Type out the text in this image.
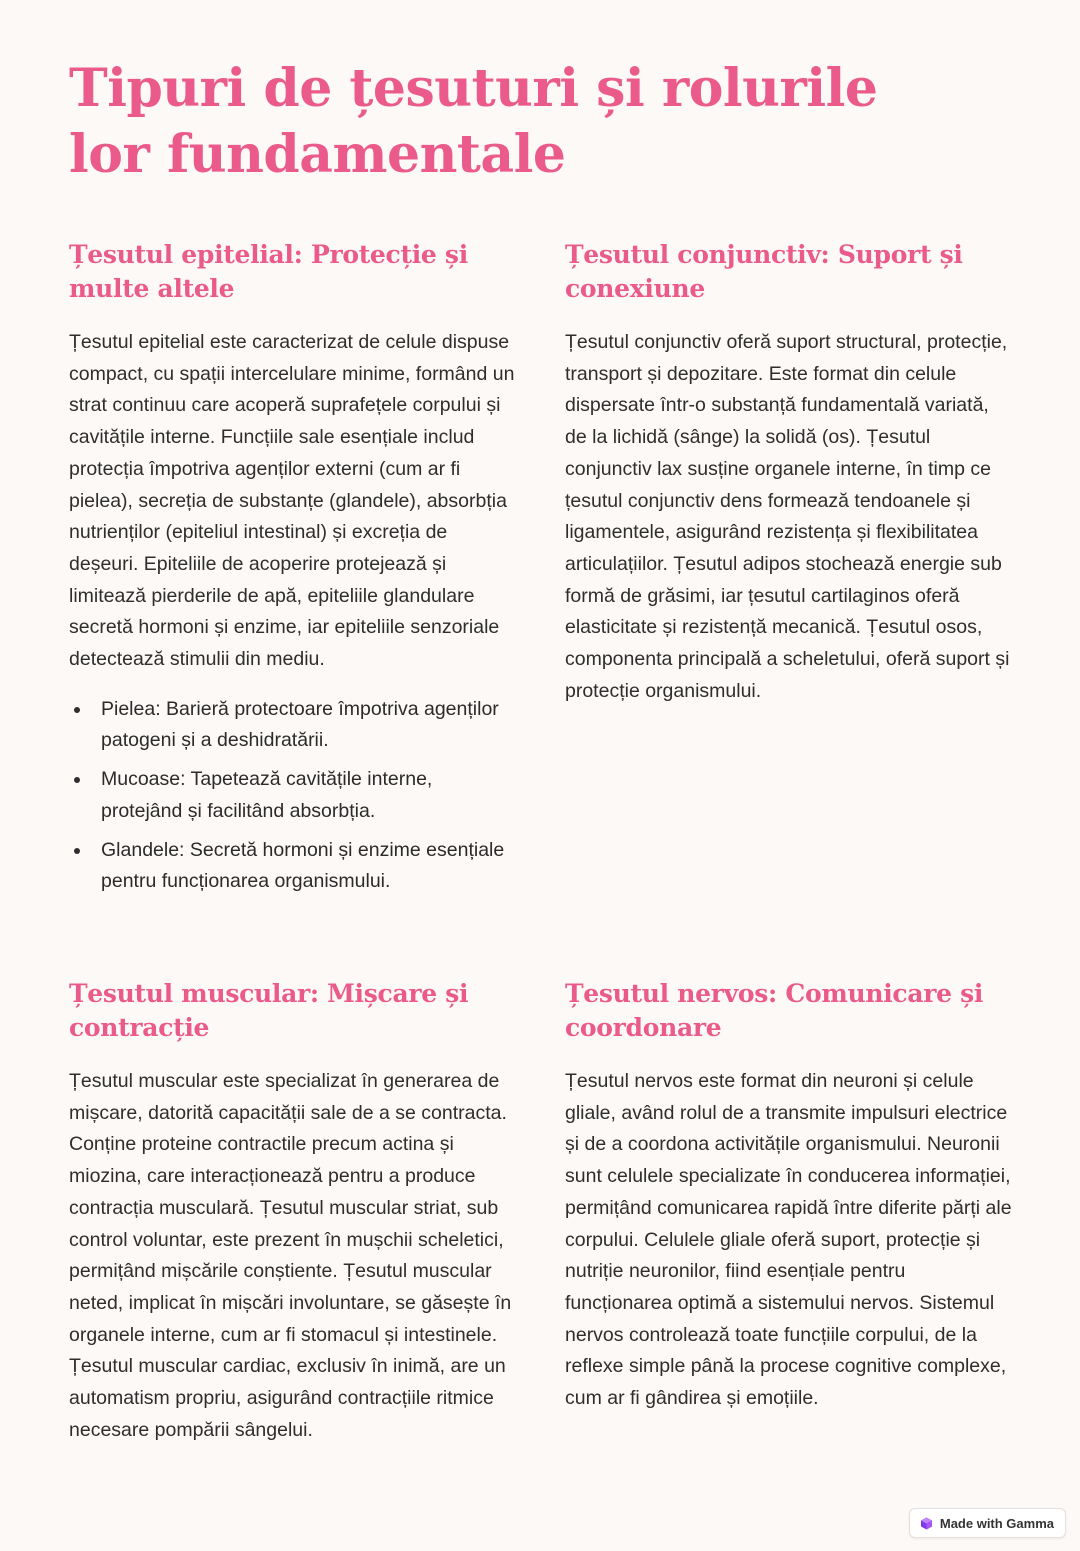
Tipuri de țesuturi și rolurile lor fundamentale
Țesutul epitelial: Protecție și multe altele

Țesutul epitelial este caracterizat de celule dispuse compact, cu spații intercelulare minime, formând un strat continuu care acoperă suprafețele corpului și cavitățile interne. Funcțiile sale esențiale includ protecția împotriva agenților externi (cum ar fi pielea), secreția de substanțe (glandele), absorbția nutrienților (epiteliul intestinal) și excreția de deșeuri. Epiteliile de acoperire protejează și limitează pierderile de apă, epiteliile glandulare secretă hormoni și enzime, iar epiteliile senzoriale detectează stimulii din mediu.

Pielea: Barieră protectoare împotriva agenților patogeni și a deshidratării.
Mucoase: Tapetează cavitățile interne, protejând și facilitând absorbția.
Glandele: Secretă hormoni și enzime esențiale pentru funcționarea organismului.
Țesutul conjunctiv: Suport și conexiune

Țesutul conjunctiv oferă suport structural, protecție, transport și depozitare. Este format din celule dispersate într-o substanță fundamentală variată, de la lichidă (sânge) la solidă (os). Țesutul conjunctiv lax susține organele interne, în timp ce țesutul conjunctiv dens formează tendoanele și ligamentele, asigurând rezistența și flexibilitatea articulațiilor. Țesutul adipos stochează energie sub formă de grăsimi, iar țesutul cartilaginos oferă elasticitate și rezistență mecanică. Țesutul osos, componenta principală a scheletului, oferă suport și protecție organismului.

Țesutul muscular: Mișcare și contracție

Țesutul muscular este specializat în generarea de mișcare, datorită capacității sale de a se contracta. Conține proteine contractile precum actina și miozina, care interacționează pentru a produce contracția musculară. Țesutul muscular striat, sub control voluntar, este prezent în mușchii scheletici, permițând mișcările conștiente. Țesutul muscular neted, implicat în mișcări involuntare, se găsește în organele interne, cum ar fi stomacul și intestinele. Țesutul muscular cardiac, exclusiv în inimă, are un automatism propriu, asigurând contracțiile ritmice necesare pompării sângelui.

Țesutul nervos: Comunicare și coordonare

Țesutul nervos este format din neuroni și celule gliale, având rolul de a transmite impulsuri electrice și de a coordona activitățile organismului. Neuronii sunt celulele specializate în conducerea informației, permițând comunicarea rapidă între diferite părți ale corpului. Celulele gliale oferă suport, protecție și nutriție neuronilor, fiind esențiale pentru funcționarea optimă a sistemului nervos. Sistemul nervos controlează toate funcțiile corpului, de la reflexe simple până la procese cognitive complexe, cum ar fi gândirea și emoțiile.

Made with Gamma
